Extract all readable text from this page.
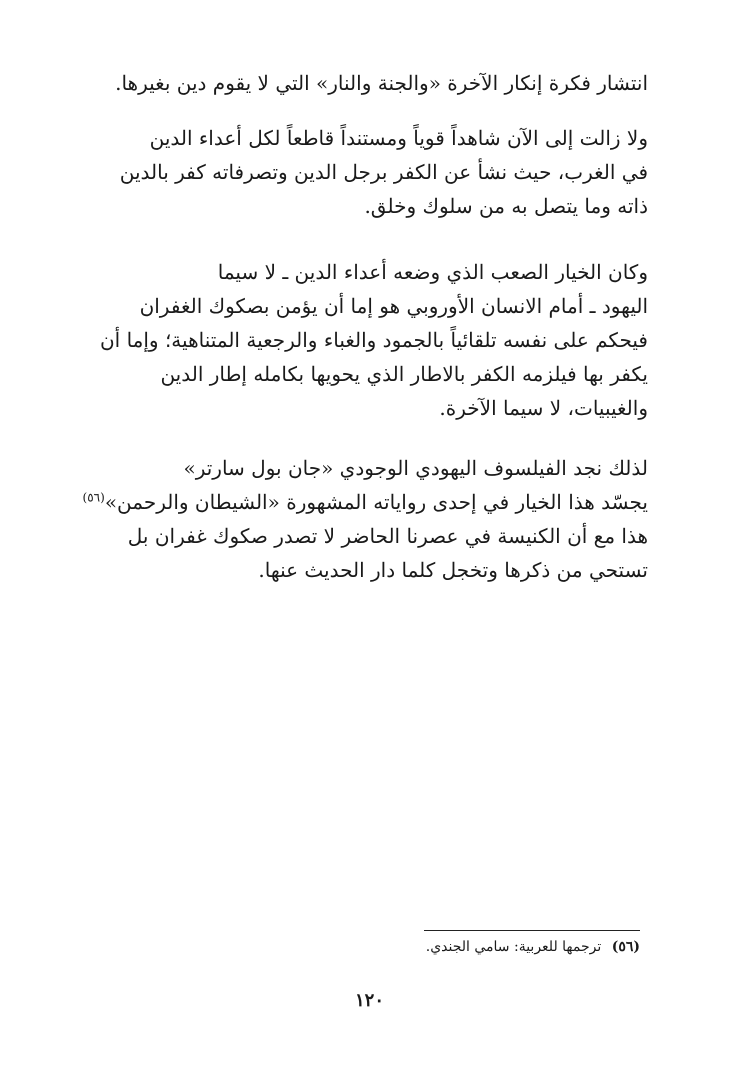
انتشار فكرة إنكار الآخرة «والجنة والنار» التي لا يقوم دين بغيرها.
ولا زالت إلى الآن شاهداً قوياً ومستنداً قاطعاً لكل أعداء الدين
في الغرب، حيث نشأ عن الكفر برجل الدين وتصرفاته كفر بالدين
ذاته وما يتصل به من سلوك وخلق.
وكان الخيار الصعب الذي وضعه أعداء الدين ـ لا سيما
اليهود ـ أمام الانسان الأوروبي هو إما أن يؤمن بصكوك الغفران
فيحكم على نفسه تلقائياً بالجمود والغباء والرجعية المتناهية؛ وإما أن
يكفر بها فيلزمه الكفر بالاطار الذي يحويها بكامله إطار الدين
والغيبيات، لا سيما الآخرة.
لذلك نجد الفيلسوف اليهودي الوجودي «جان بول سارتر»
يجسّد هذا الخيار في إحدى رواياته المشهورة «الشيطان والرحمن»$^{(٥٦)}$
هذا مع أن الكنيسة في عصرنا الحاضر لا تصدر صكوك غفران بل
تستحي من ذكرها وتخجل كلما دار الحديث عنها.
(٥٦) ترجمها للعربية: سامي الجندي.
١٢٠
